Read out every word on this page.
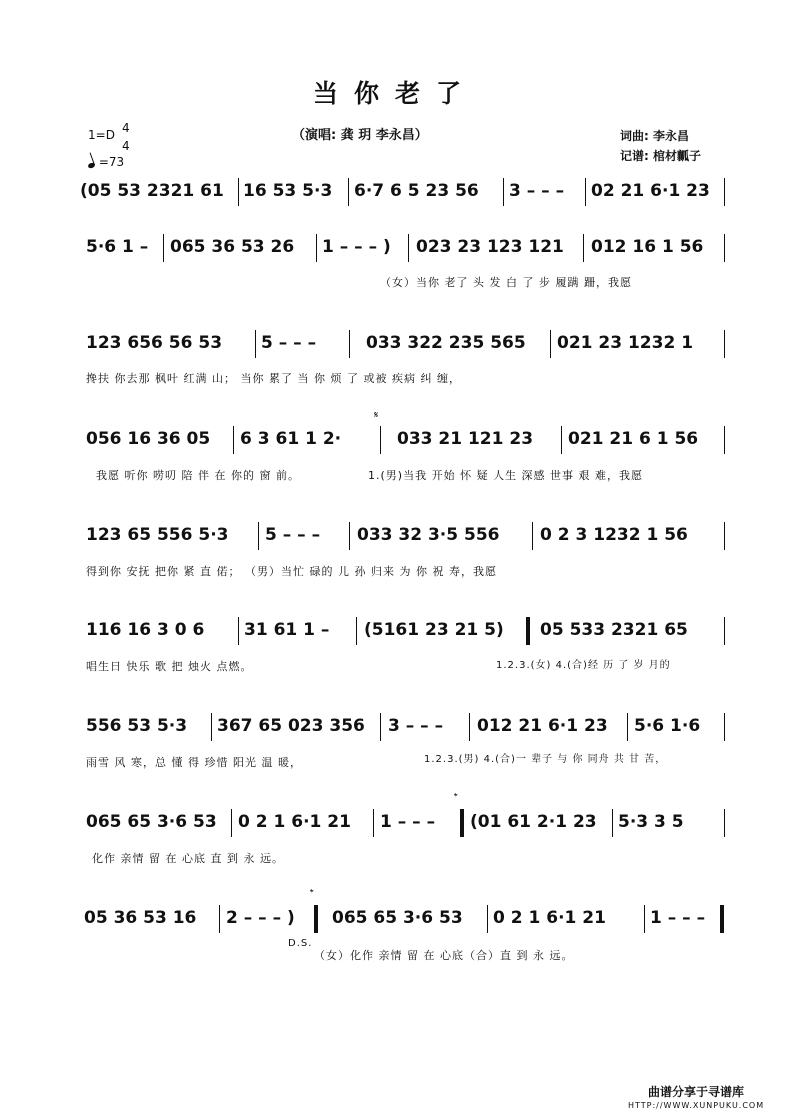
当你老了
（演唱: 龚 玥 李永昌）	词曲: 李永昌
记谱: 棺材瓤子
1=D 4
4
=73
(05 53 2321 61 16 53 5·3 6·7 6 5 23 56 3 – – – 02 21 6·1 23
5·6 1 – 065 36 53 26 1 – – – ) 023 23 123 121 012 16 1 56
（女）当你 老了 头 发 白 了 步 履蹒 跚，我愿
123 656 56 53 5 – – –	033 322 235 565 021 23 1232 1
搀扶 你去那 枫叶 红满 山； 当你 累了 当 你 烦 了 或被 疾病 纠 缠，
𝄋
056 16 36 05 6 3 61 1 2·	033 21 121 23 021 21 6 1 56
我愿 听你 唠叨 陪 伴 在 你的 窗 前。	1.(男)当我 开始 怀 疑 人生 深感 世事 艰 难，我愿
123 65 556 5·3 5 – – – 033 32 3·5 556 0 2 3 1232 1 56
得到你 安抚 把你 紧 直 偌； （男）当忙 碌的 儿 孙 归来 为 你 祝 寿，我愿
116 16 3 0 6 31 61 1 – (5161 23 21 5) 05 533 2321 65
唱生日 快乐 歌 把 烛火 点燃。	1.2.3.(女) 4.(合)经 历 了 岁 月的
556 53 5·3 367 65 023 356 3 – – – 012 21 6·1 23 5·6 1·6
雨雪 风 寒，总 懂 得 珍惜 阳光 温 暖，	1.2.3.(男) 4.(合)一 辈子 与 你 同舟 共 甘 苦，
𝄌
065 65 3·6 53 0 2 1 6·1 21 1 – – – (01 61 2·1 23 5·3 3 5
化作 亲情 留 在 心底 直 到 永 远。
𝄌
05 36 53 16 2 – – – ) 065 65 3·6 53 0 2 1 6·1 21	1 – – –
D.S.
（女）化作 亲情 留 在 心底（合）直 到 永 远。
曲谱分享于寻谱库
HTTP://WWW.XUNPUKU.COM
